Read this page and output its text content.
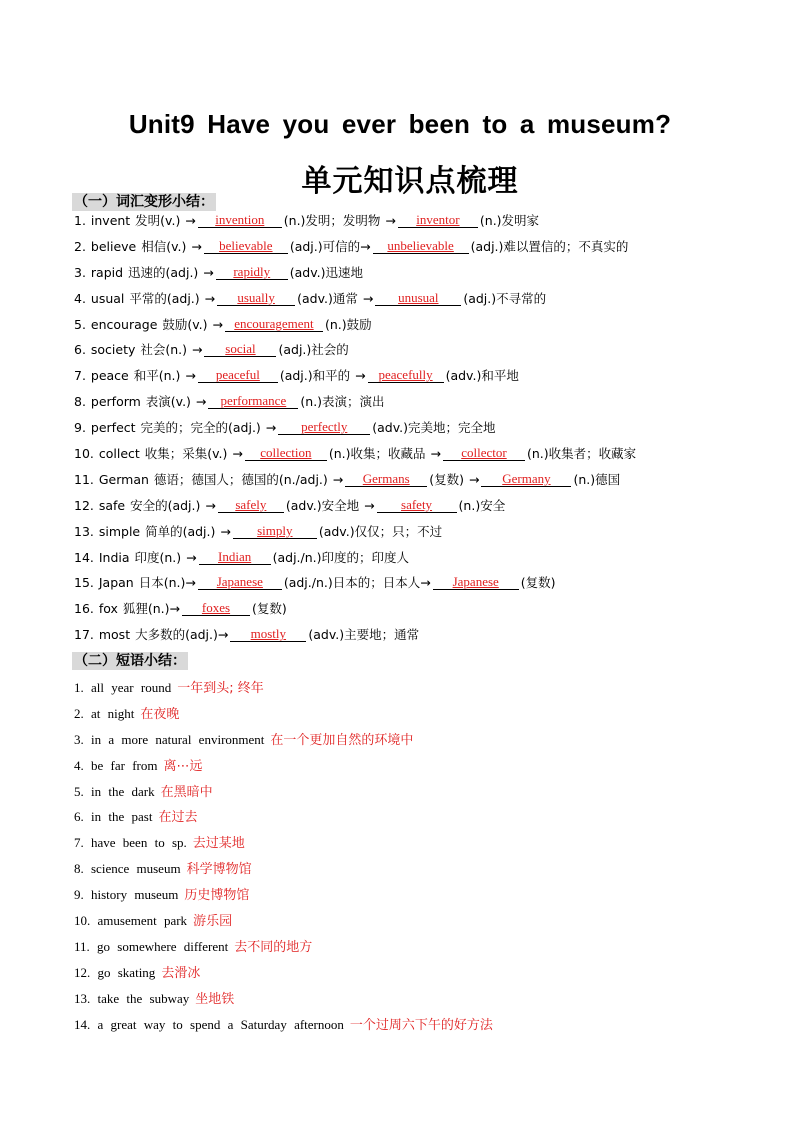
Unit9 Have you ever been to a museum?
单元知识点梳理
（一）词汇变形小结：
1. invent 发明(v.) → invention (n.)发明；发明物 → inventor (n.)发明家
2. believe 相信(v.) → believable (adj.)可信的→ unbelievable (adj.)难以置信的；不真实的
3. rapid 迅速的(adj.) → rapidly (adv.)迅速地
4. usual 平常的(adj.) → usually (adv.)通常 → unusual (adj.)不寻常的
5. encourage 鼓励(v.) → encouragement (n.)鼓励
6. society 社会(n.) → social (adj.)社会的
7. peace 和平(n.) → peaceful (adj.)和平的 → peacefully (adv.)和平地
8. perform 表演(v.) → performance (n.)表演；演出
9. perfect 完美的；完全的(adj.) → perfectly (adv.)完美地；完全地
10. collect 收集；采集(v.) → collection (n.)收集；收藏品 → collector (n.)收集者；收藏家
11. German 德语；德国人；德国的(n./adj.) → Germans (复数) → Germany (n.)德国
12. safe 安全的(adj.) → safely (adv.)安全地 → safety (n.)安全
13. simple 简单的(adj.) → simply (adv.)仅仅；只；不过
14. India 印度(n.) → Indian (adj./n.)印度的；印度人
15. Japan 日本(n.)→ Japanese (adj./n.)日本的；日本人→ Japanese (复数)
16. fox 狐狸(n.)→ foxes (复数)
17. most 大多数的(adj.)→ mostly (adv.)主要地；通常
（二）短语小结：
1. all year round 一年到头; 终年
2. at night 在夜晚
3. in a more natural environment 在一个更加自然的环境中
4. be far from 离⋯远
5. in the dark 在黑暗中
6. in the past 在过去
7. have been to sp. 去过某地
8. science museum 科学博物馆
9. history museum 历史博物馆
10. amusement park 游乐园
11. go somewhere different 去不同的地方
12. go skating 去滑冰
13. take the subway 坐地铁
14. a great way to spend a Saturday afternoon 一个过周六下午的好方法
